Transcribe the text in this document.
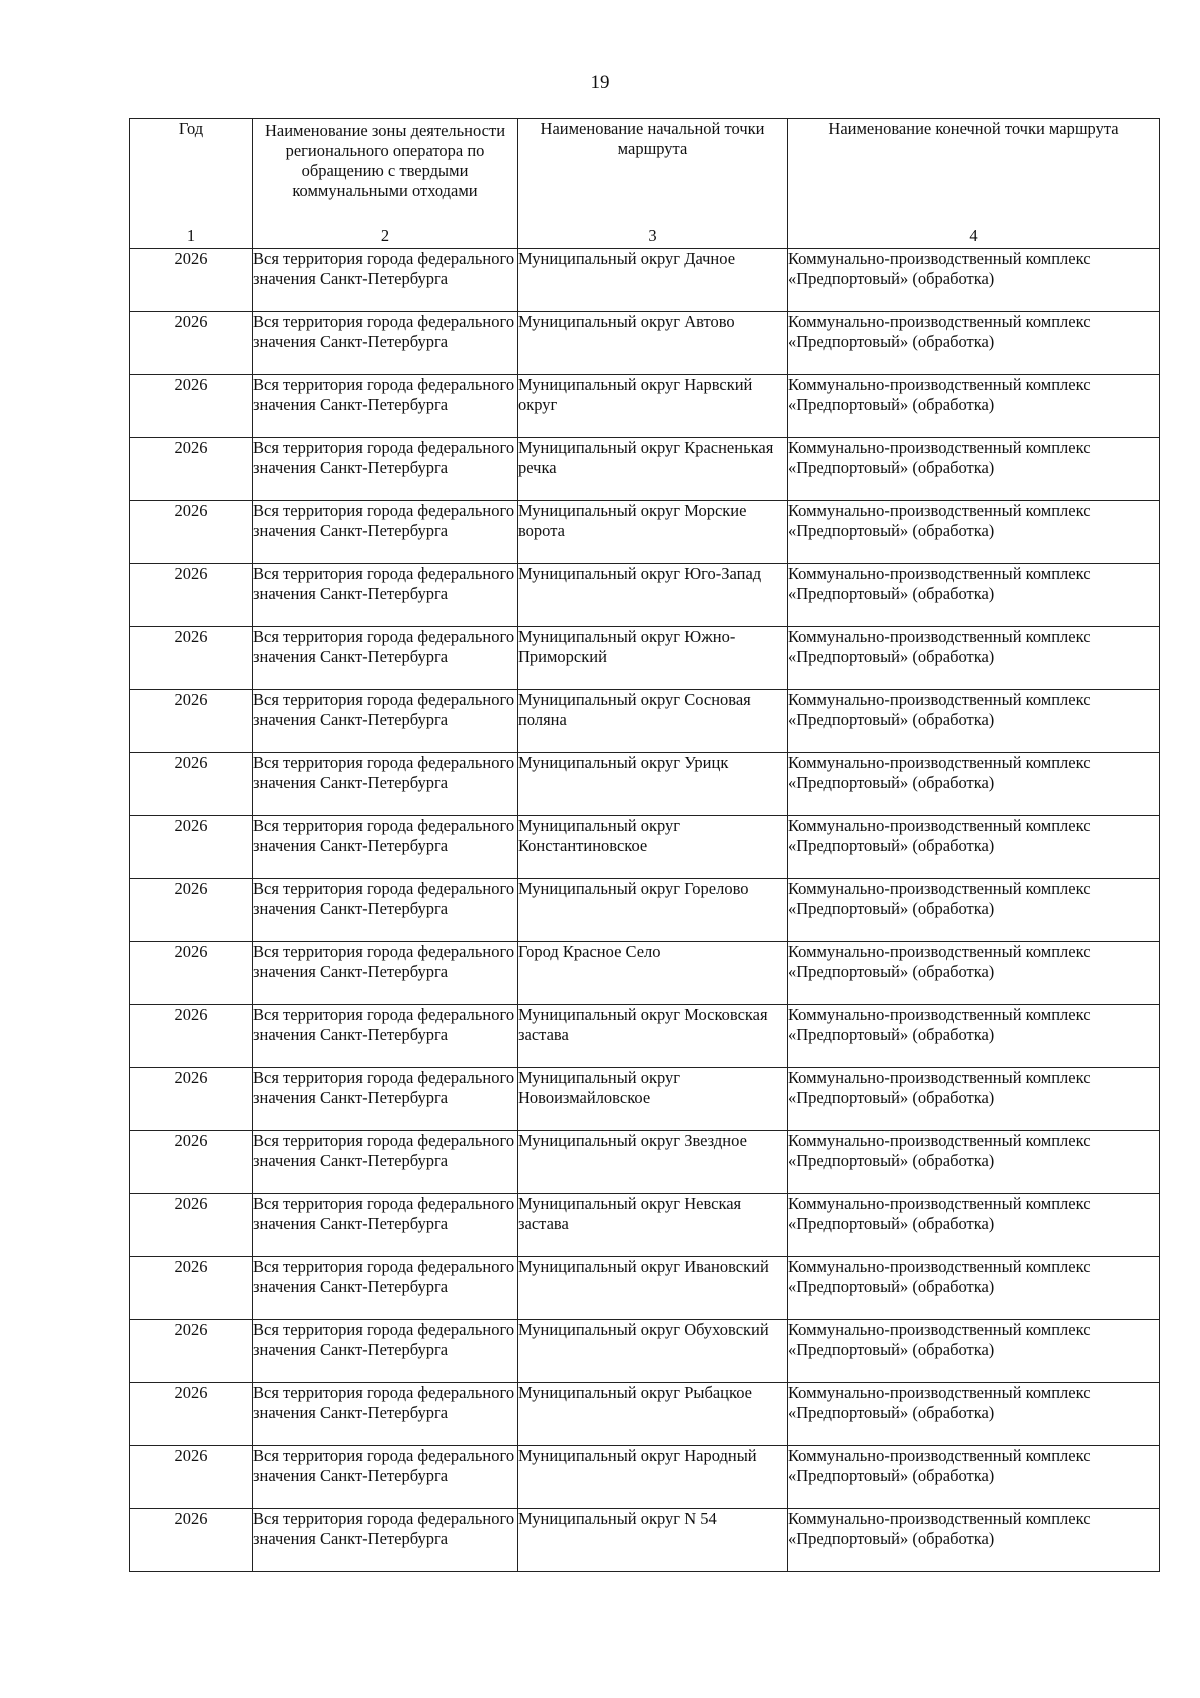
19
Год	Наименование зоны деятельности регионального оператора по обращению с твердыми коммунальными отходами	Наименование начальной точки маршрута	Наименование конечной точки маршрута
1	2	3	4
2026	Вся территория города федерального значения Санкт-Петербурга	Муниципальный округ Дачное	Коммунально-производственный комплекс «Предпортовый» (обработка)
2026	Вся территория города федерального значения Санкт-Петербурга	Муниципальный округ Автово	Коммунально-производственный комплекс «Предпортовый» (обработка)
2026	Вся территория города федерального значения Санкт-Петербурга	Муниципальный округ Нарвский округ	Коммунально-производственный комплекс «Предпортовый» (обработка)
2026	Вся территория города федерального значения Санкт-Петербурга	Муниципальный округ Красненькая речка	Коммунально-производственный комплекс «Предпортовый» (обработка)
2026	Вся территория города федерального значения Санкт-Петербурга	Муниципальный округ Морские ворота	Коммунально-производственный комплекс «Предпортовый» (обработка)
2026	Вся территория города федерального значения Санкт-Петербурга	Муниципальный округ Юго-Запад	Коммунально-производственный комплекс «Предпортовый» (обработка)
2026	Вся территория города федерального значения Санкт-Петербурга	Муниципальный округ Южно-Приморский	Коммунально-производственный комплекс «Предпортовый» (обработка)
2026	Вся территория города федерального значения Санкт-Петербурга	Муниципальный округ Сосновая поляна	Коммунально-производственный комплекс «Предпортовый» (обработка)
2026	Вся территория города федерального значения Санкт-Петербурга	Муниципальный округ Урицк	Коммунально-производственный комплекс «Предпортовый» (обработка)
2026	Вся территория города федерального значения Санкт-Петербурга	Муниципальный округ Константиновское	Коммунально-производственный комплекс «Предпортовый» (обработка)
2026	Вся территория города федерального значения Санкт-Петербурга	Муниципальный округ Горелово	Коммунально-производственный комплекс «Предпортовый» (обработка)
2026	Вся территория города федерального значения Санкт-Петербурга	Город Красное Село	Коммунально-производственный комплекс «Предпортовый» (обработка)
2026	Вся территория города федерального значения Санкт-Петербурга	Муниципальный округ Московская застава	Коммунально-производственный комплекс «Предпортовый» (обработка)
2026	Вся территория города федерального значения Санкт-Петербурга	Муниципальный округ Новоизмайловское	Коммунально-производственный комплекс «Предпортовый» (обработка)
2026	Вся территория города федерального значения Санкт-Петербурга	Муниципальный округ Звездное	Коммунально-производственный комплекс «Предпортовый» (обработка)
2026	Вся территория города федерального значения Санкт-Петербурга	Муниципальный округ Невская застава	Коммунально-производственный комплекс «Предпортовый» (обработка)
2026	Вся территория города федерального значения Санкт-Петербурга	Муниципальный округ Ивановский	Коммунально-производственный комплекс «Предпортовый» (обработка)
2026	Вся территория города федерального значения Санкт-Петербурга	Муниципальный округ Обуховский	Коммунально-производственный комплекс «Предпортовый» (обработка)
2026	Вся территория города федерального значения Санкт-Петербурга	Муниципальный округ Рыбацкое	Коммунально-производственный комплекс «Предпортовый» (обработка)
2026	Вся территория города федерального значения Санкт-Петербурга	Муниципальный округ Народный	Коммунально-производственный комплекс «Предпортовый» (обработка)
2026	Вся территория города федерального значения Санкт-Петербурга	Муниципальный округ N 54	Коммунально-производственный комплекс «Предпортовый» (обработка)
